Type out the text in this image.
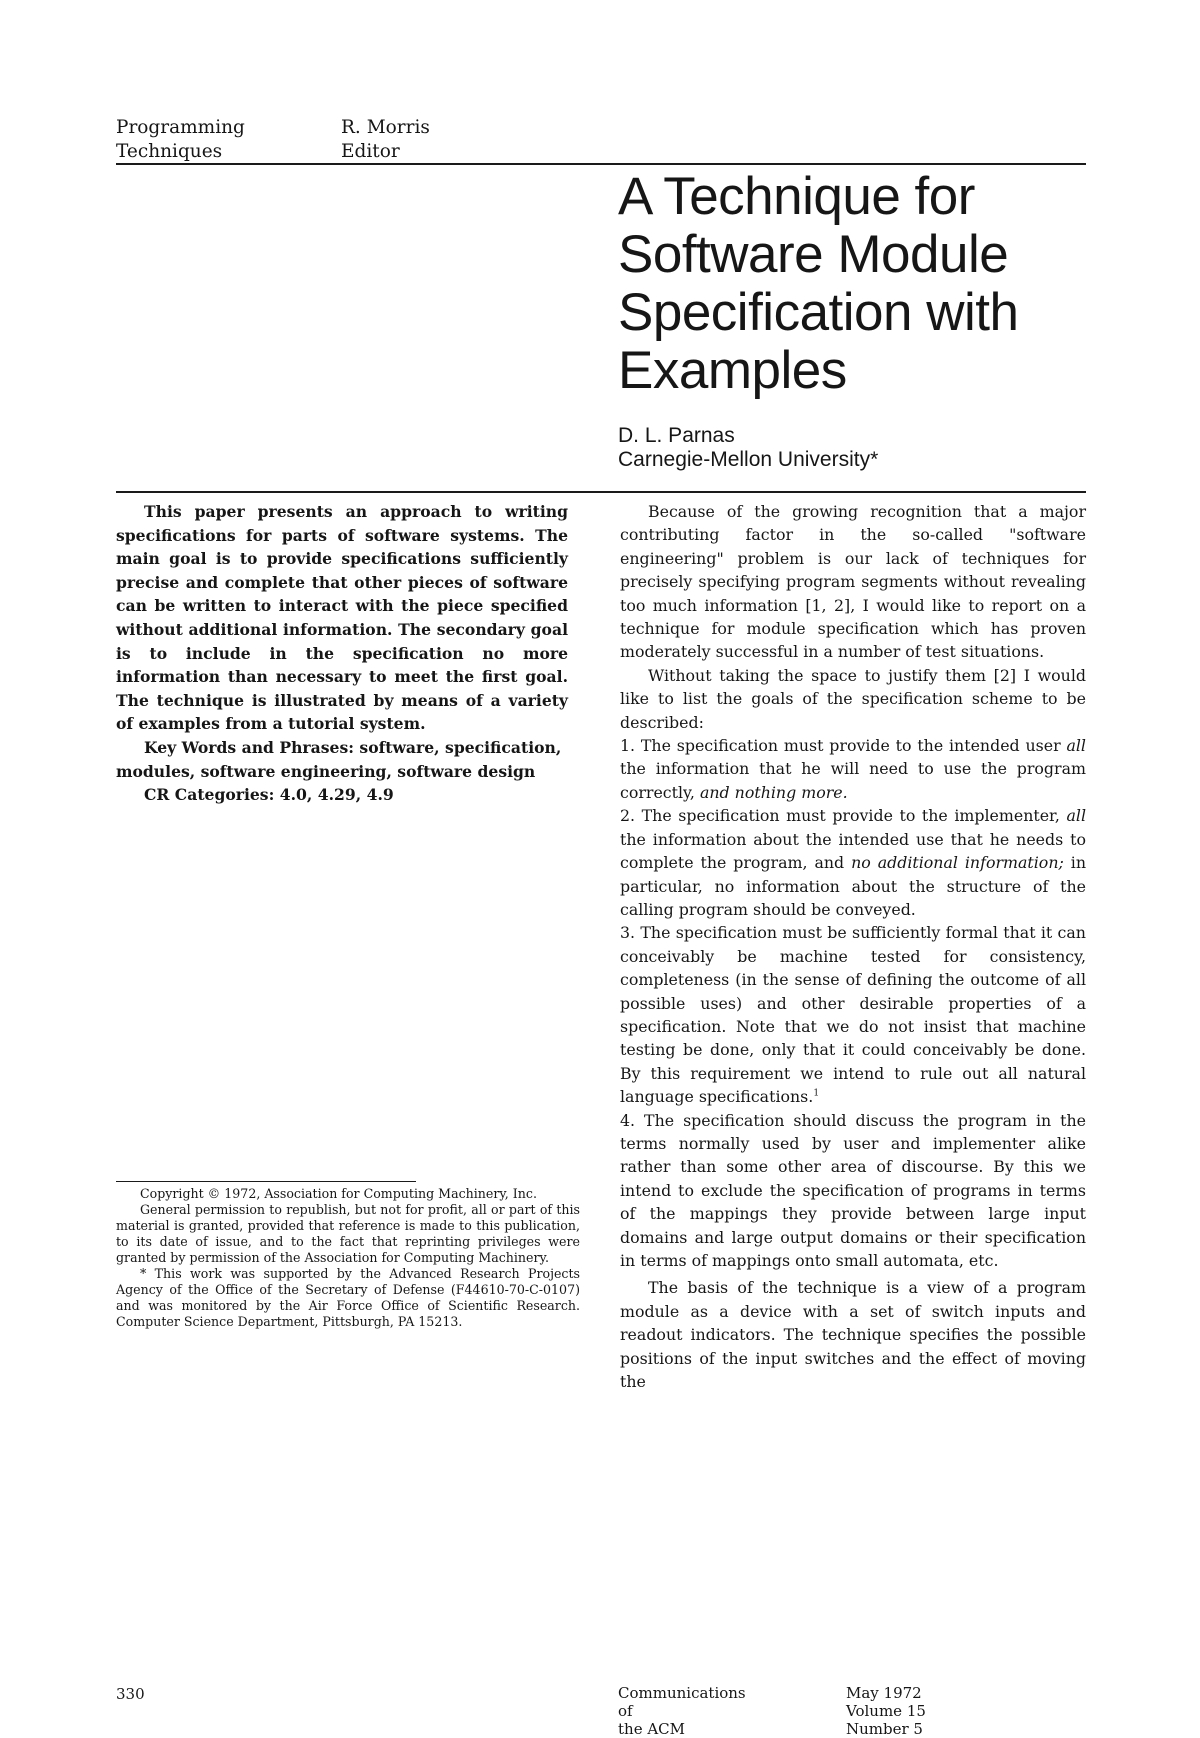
Programming
Techniques
R. Morris
Editor
A Technique for
Software Module
Specification with
Examples
D. L. Parnas
Carnegie-Mellon University*

This paper presents an approach to writing specifications for parts of software systems. The main goal is to provide specifications sufficiently precise and complete that other pieces of software can be written to interact with the piece specified without additional information. The secondary goal is to include in the specification no more information than necessary to meet the first goal. The technique is illustrated by means of a variety of examples from a tutorial system.

Key Words and Phrases: software, specification, modules, software engineering, software design

CR Categories: 4.0, 4.29, 4.9

Copyright © 1972, Association for Computing Machinery, Inc.

General permission to republish, but not for profit, all or part of this material is granted, provided that reference is made to this publication, to its date of issue, and to the fact that reprinting privileges were granted by permission of the Association for Computing Machinery.

* This work was supported by the Advanced Research Projects Agency of the Office of the Secretary of Defense (F44610-70-C-0107) and was monitored by the Air Force Office of Scientific Research. Computer Science Department, Pittsburgh, PA 15213.

Because of the growing recognition that a major contributing factor in the so-called "software engineering" problem is our lack of techniques for precisely specifying program segments without revealing too much information [1, 2], I would like to report on a technique for module specification which has proven moderately successful in a number of test situations.

Without taking the space to justify them [2] I would like to list the goals of the specification scheme to be described:

1. The specification must provide to the intended user all the information that he will need to use the program correctly, and nothing more.

2. The specification must provide to the implementer, all the information about the intended use that he needs to complete the program, and no additional information; in particular, no information about the structure of the calling program should be conveyed.

3. The specification must be sufficiently formal that it can conceivably be machine tested for consistency, completeness (in the sense of defining the outcome of all possible uses) and other desirable properties of a specification. Note that we do not insist that machine testing be done, only that it could conceivably be done. By this requirement we intend to rule out all natural language specifications.$^1$

4. The specification should discuss the program in the terms normally used by user and implementer alike rather than some other area of discourse. By this we intend to exclude the specification of programs in terms of the mappings they provide between large input domains and large output domains or their specification in terms of mappings onto small automata, etc.

The basis of the technique is a view of a program module as a device with a set of switch inputs and readout indicators. The technique specifies the possible positions of the input switches and the effect of moving the

330	Communications
of
the ACM
May 1972
Volume 15
Number 5
